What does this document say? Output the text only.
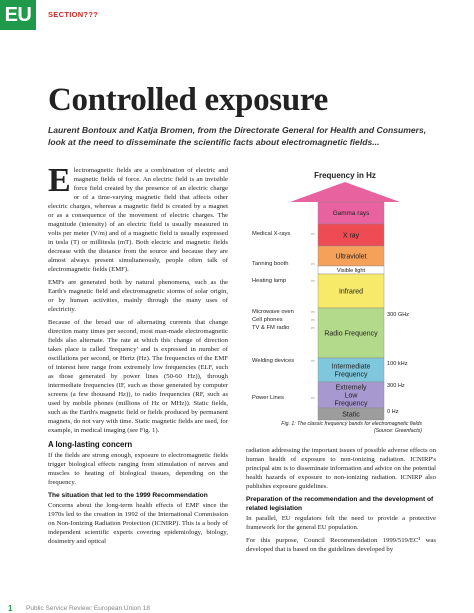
EU	SECTION???
Controlled exposure
Laurent Bontoux and Katja Bromen, from the Directorate General for Health and Consumers, look at the need to disseminate the scientific facts about electromagnetic fields...

Electromagnetic fields are a combination of electric and magnetic fields of force. An electric field is an invisible force field created by the presence of an electric charge or of a time-varying magnetic field that affects other electric charges, whereas a magnetic field is created by a magnet or as a consequence of the movement of electric charges. The magnitude (intensity) of an electric field is usually measured in volts per meter (V/m) and of a magnetic field is usually expressed in tesla (T) or millitesla (mT). Both electric and magnetic fields decrease with the distance from the source and because they are almost always present simultaneously, people often talk of electromagnetic fields (EMF).

EMFs are generated both by natural phenomena, such as the Earth's magnetic field and electromagnetic storms of solar origin, or by human activities, mainly through the many uses of electricity.

Because of the broad use of alternating currents that change direction many times per second, most man-made electromagnetic fields also alternate. The rate at which this change of direction takes place is called 'frequency' and is expressed in number of oscillations per second, or Hertz (Hz). The frequencies of the EMF of interest here range from extremely low frequencies (ELF, such as those generated by power lines (50-60 Hz)), through intermediate frequencies (IF, such as those generated by computer screens (a few thousand Hz)), to radio frequencies (RF, such as used by mobile phones (millions of Hz or MHz)). Static fields, such as the Earth's magnetic field or fields produced by permanent magnets, do not vary with time. Static magnetic fields are used, for example, in medical imaging (see Fig. 1).

A long-lasting concern

If the fields are strong enough, exposure to electromagnetic fields trigger biological effects ranging from stimulation of nerves and muscles to heating of biological tissues, depending on the frequency.

The situation that led to the 1999 Recommendation

Concerns about the long-term health effects of EMF since the 1970s led to the creation in 1992 of the International Commission on Non-Ionizing Radiation Protection (ICNIRP). This is a body of independent scientific experts covering epidemiology, biology, dosimetry and optical

Frequency in Hz
Gamma rays
X ray
Ultraviolet
Visible light
Infrared
Radio Frequency
Intermediate
Frequency
Extremely
Low
Frequency
Static
Medical X-rays	⇔
Tanning booth	⇔
Heating lamp	⇔
Microwave oven	⇔
Cell phones	⇔
TV & FM radio	⇔
Welding devices	⇔
Power Lines	⇔
300 GHz
100 kHz
300 Hz
0 Hz
Fig. 1: The classic frequency bands for electromagnetic fields (Source: Greenfacts)

radiation addressing the important issues of possible adverse effects on human health of exposure to non-ionizing radiation. ICNIRP's principal aim is to disseminate information and advice on the potential health hazards of exposure to non-ionizing radiation. ICNIRP also publishes exposure guidelines.

Preparation of the recommendation and the development of related legislation

In parallel, EU regulators felt the need to provide a protective framework for the general EU population.

For this purpose, Council Recommendation 1999/519/EC¹ was developed that is based on the guidelines developed by

1 Public Service Review: European Union 18
